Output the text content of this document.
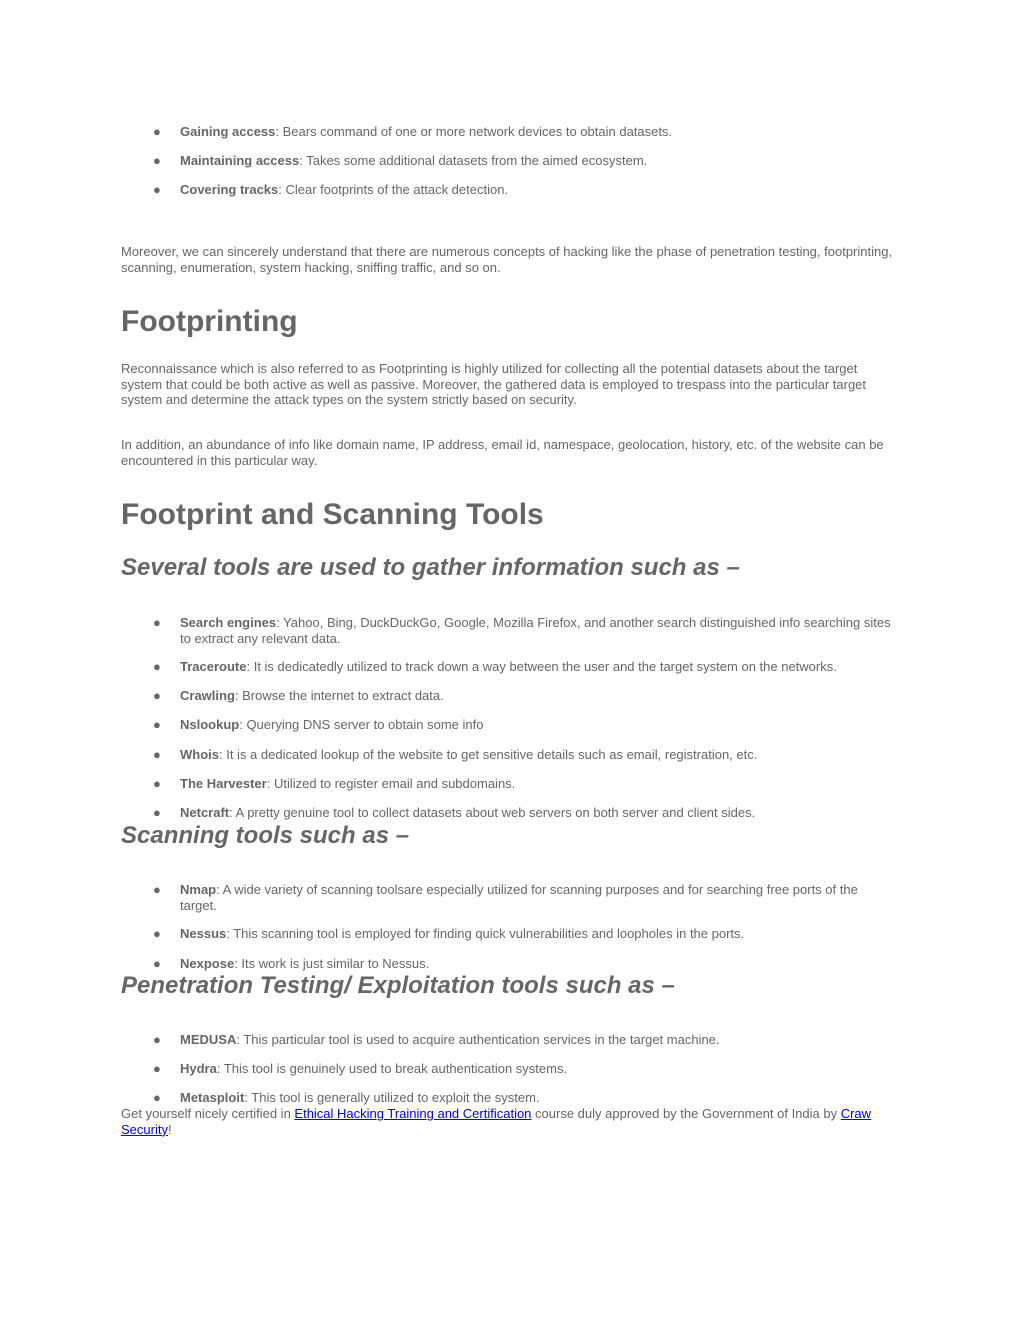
● Gaining access: Bears command of one or more network devices to obtain datasets.
● Maintaining access: Takes some additional datasets from the aimed ecosystem.
● Covering tracks: Clear footprints of the attack detection.

Moreover, we can sincerely understand that there are numerous concepts of hacking like the phase of penetration testing, footprinting, scanning, enumeration, system hacking, sniffing traffic, and so on.

Footprinting

Reconnaissance which is also referred to as Footprinting is highly utilized for collecting all the potential datasets about the target system that could be both active as well as passive. Moreover, the gathered data is employed to trespass into the particular target system and determine the attack types on the system strictly based on security.

In addition, an abundance of info like domain name, IP address, email id, namespace, geolocation, history, etc. of the website can be encountered in this particular way.

Footprint and Scanning Tools
Several tools are used to gather information such as –
● Search engines: Yahoo, Bing, DuckDuckGo, Google, Mozilla Firefox, and another search distinguished info searching sites to extract any relevant data.
● Traceroute: It is dedicatedly utilized to track down a way between the user and the target system on the networks.
● Crawling: Browse the internet to extract data.
● Nslookup: Querying DNS server to obtain some info
● Whois: It is a dedicated lookup of the website to get sensitive details such as email, registration, etc.
● The Harvester: Utilized to register email and subdomains.
● Netcraft: A pretty genuine tool to collect datasets about web servers on both server and client sides.
Scanning tools such as –
● Nmap: A wide variety of scanning toolsare especially utilized for scanning purposes and for searching free ports of the target.
● Nessus: This scanning tool is employed for finding quick vulnerabilities and loopholes in the ports.
● Nexpose: Its work is just similar to Nessus.
Penetration Testing/ Exploitation tools such as –
● MEDUSA: This particular tool is used to acquire authentication services in the target machine.
● Hydra: This tool is genuinely used to break authentication systems.
● Metasploit: This tool is generally utilized to exploit the system.
Get yourself nicely certified in Ethical Hacking Training and Certification course duly approved by the Government of India by Craw Security!
